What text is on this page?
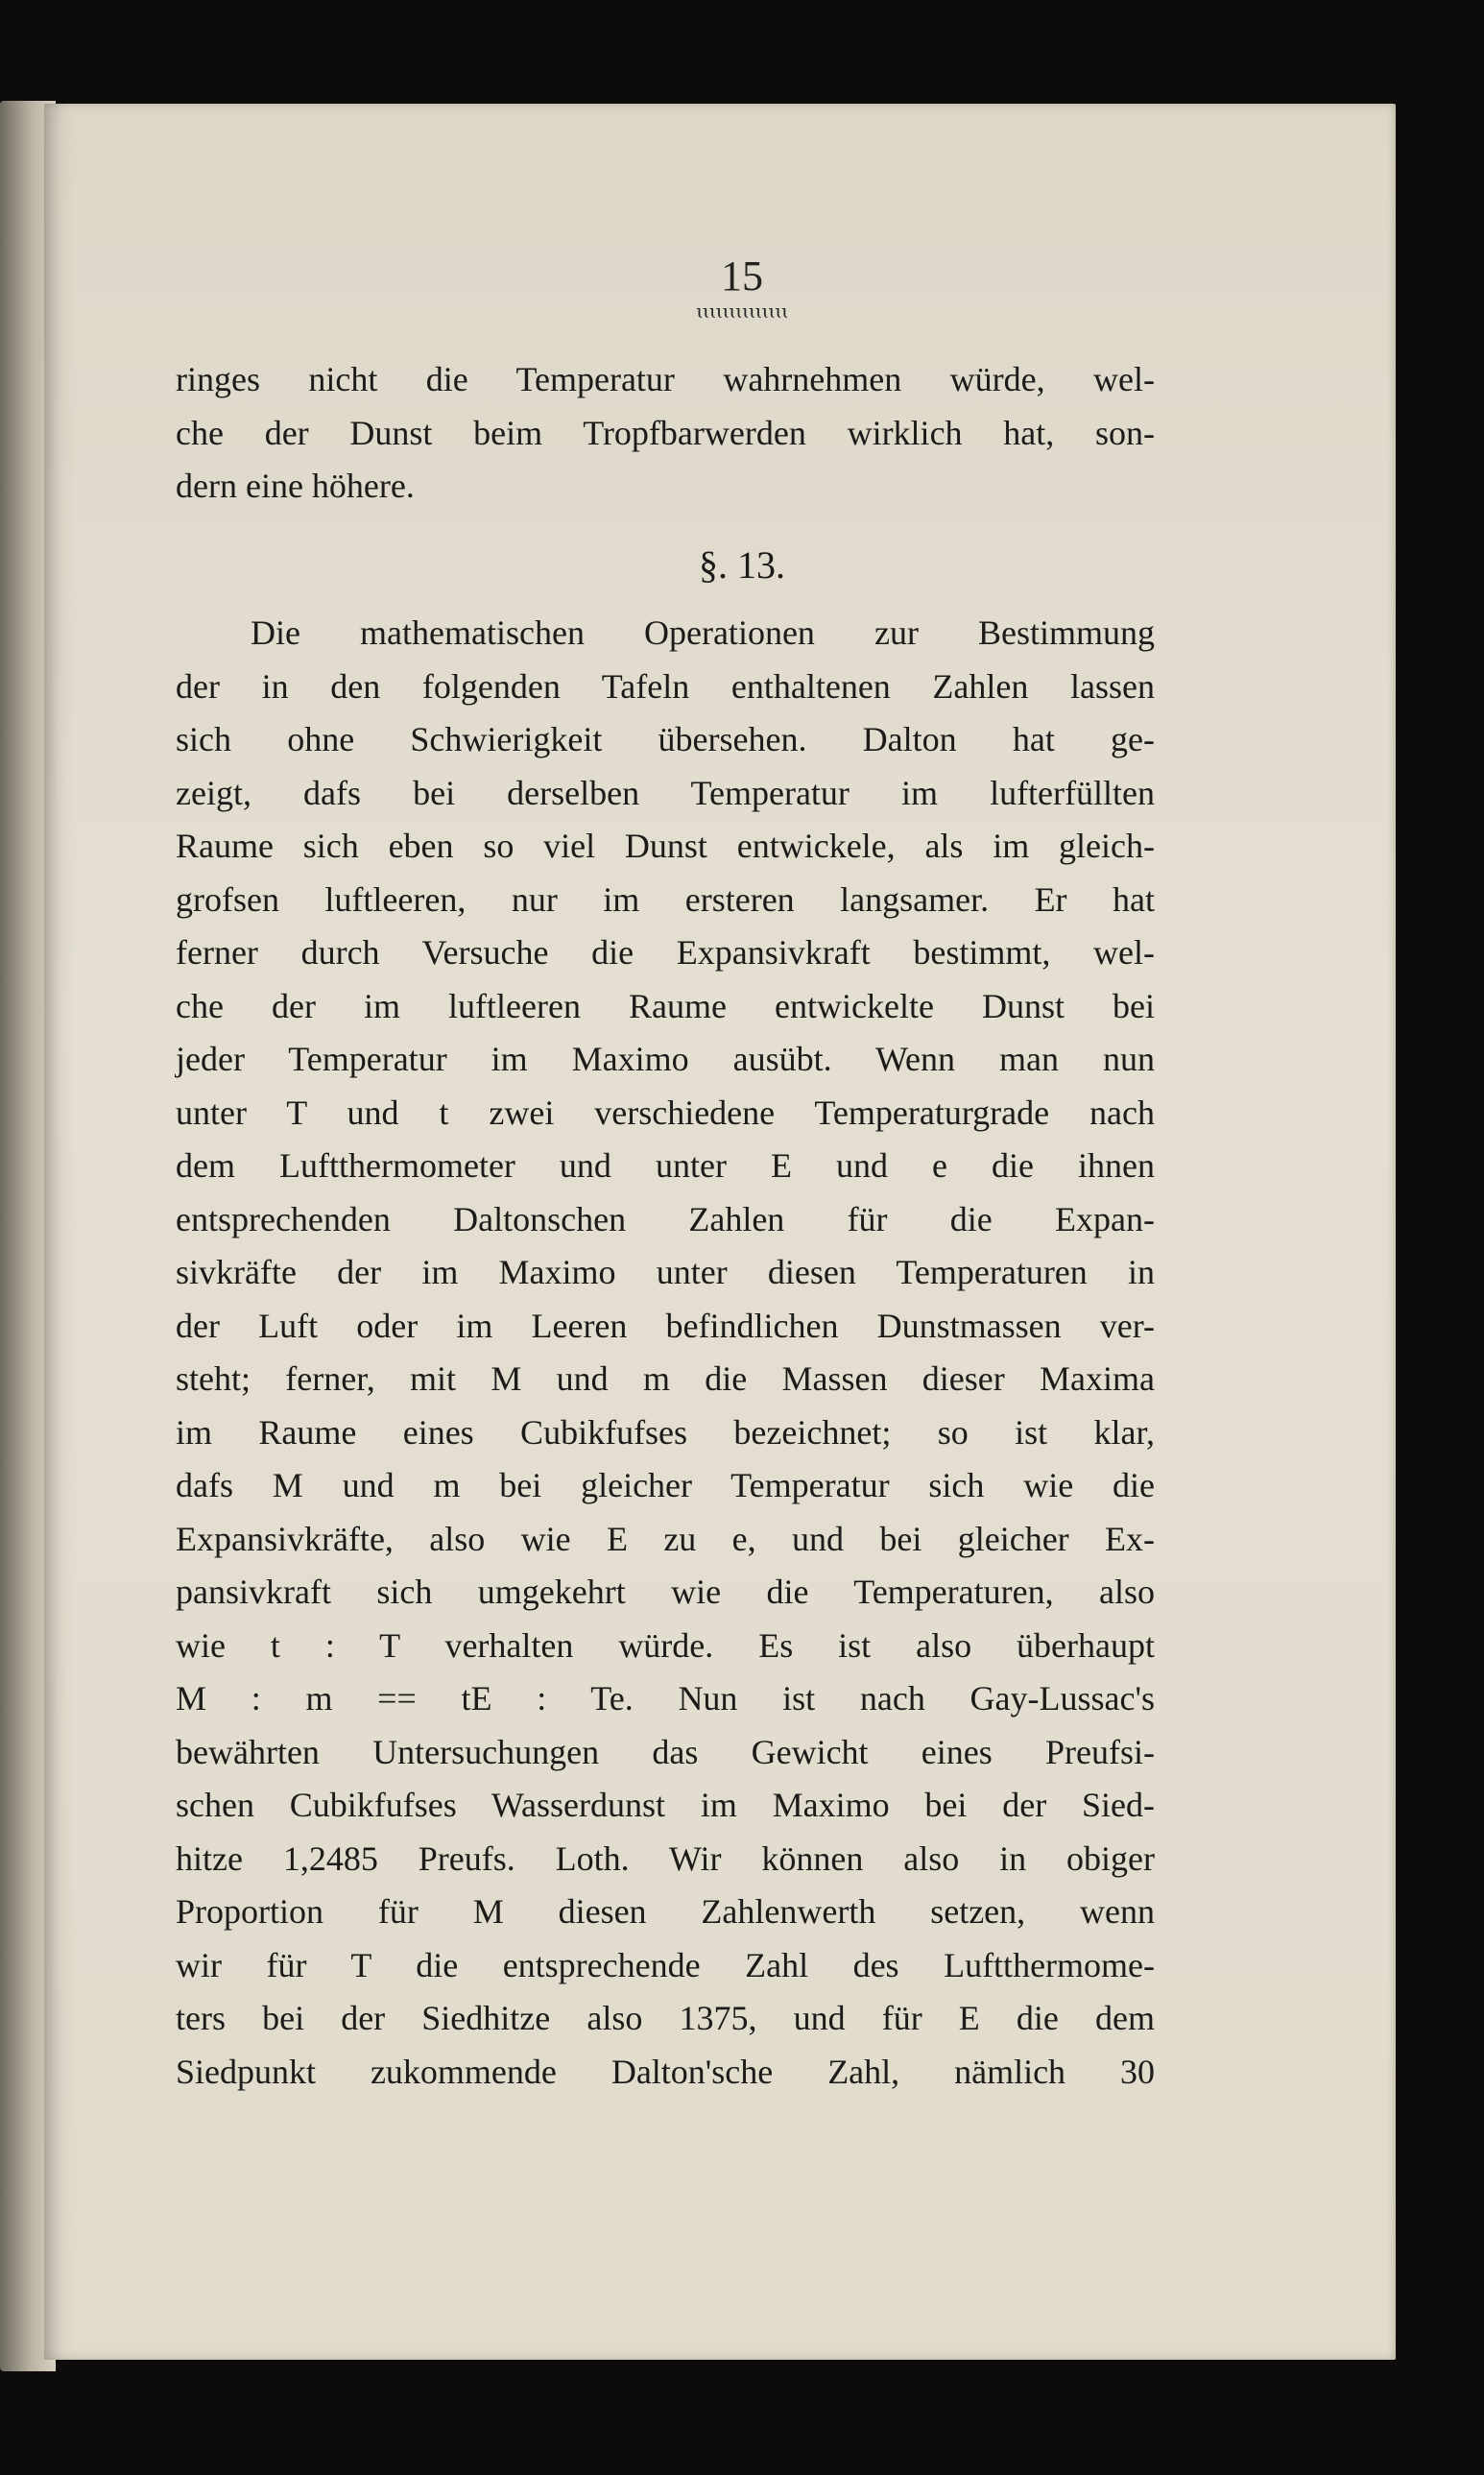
15
ɩɩɩɩɩɩɩɩɩɩɩɩɩɩ
ringes nicht die Temperatur wahrnehmen würde, wel-
che der Dunst beim Tropfbarwerden wirklich hat, son-
dern eine höhere.
§. 13.
Die mathematischen Operationen zur Bestimmung
der in den folgenden Tafeln enthaltenen Zahlen lassen
sich ohne Schwierigkeit übersehen. Dalton hat ge-
zeigt, dafs bei derselben Temperatur im lufterfüllten
Raume sich eben so viel Dunst entwickele, als im gleich-
grofsen luftleeren, nur im ersteren langsamer. Er hat
ferner durch Versuche die Expansivkraft bestimmt, wel-
che der im luftleeren Raume entwickelte Dunst bei
jeder Temperatur im Maximo ausübt. Wenn man nun
unter T und t zwei verschiedene Temperaturgrade nach
dem Luftthermometer und unter E und e die ihnen
entsprechenden Daltonschen Zahlen für die Expan-
sivkräfte der im Maximo unter diesen Temperaturen in
der Luft oder im Leeren befindlichen Dunstmassen ver-
steht; ferner, mit M und m die Massen dieser Maxima
im Raume eines Cubikfufses bezeichnet; so ist klar,
dafs M und m bei gleicher Temperatur sich wie die
Expansivkräfte, also wie E zu e, und bei gleicher Ex-
pansivkraft sich umgekehrt wie die Temperaturen, also
wie t : T verhalten würde. Es ist also überhaupt
M : m == tE : Te. Nun ist nach Gay-Lussac's
bewährten Untersuchungen das Gewicht eines Preufsi-
schen Cubikfufses Wasserdunst im Maximo bei der Sied-
hitze 1,2485 Preufs. Loth. Wir können also in obiger
Proportion für M diesen Zahlenwerth setzen, wenn
wir für T die entsprechende Zahl des Luftthermome-
ters bei der Siedhitze also 1375, und für E die dem
Siedpunkt zukommende Dalton'sche Zahl, nämlich 30
